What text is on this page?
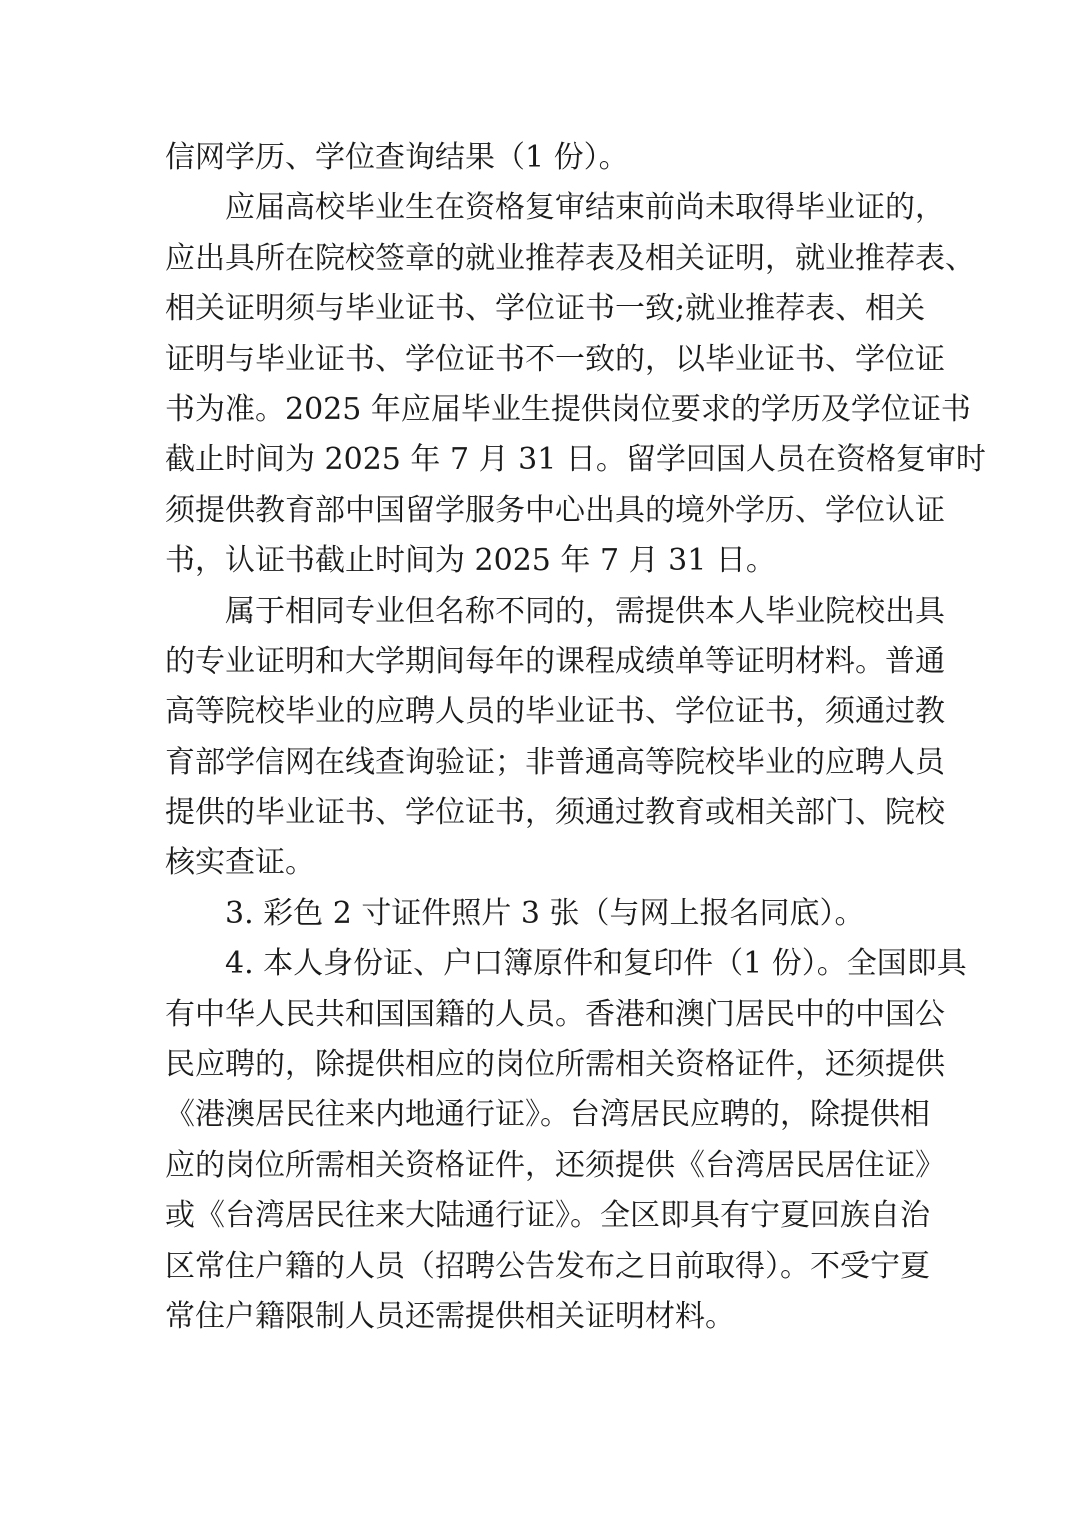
信网学历、学位查询结果（1 份）。
应届高校毕业生在资格复审结束前尚未取得毕业证的，
应出具所在院校签章的就业推荐表及相关证明，就业推荐表、
相关证明须与毕业证书、学位证书一致;就业推荐表、相关
证明与毕业证书、学位证书不一致的，以毕业证书、学位证
书为准。2025 年应届毕业生提供岗位要求的学历及学位证书
截止时间为 2025 年 7 月 31 日。留学回国人员在资格复审时
须提供教育部中国留学服务中心出具的境外学历、学位认证
书，认证书截止时间为 2025 年 7 月 31 日。
属于相同专业但名称不同的，需提供本人毕业院校出具
的专业证明和大学期间每年的课程成绩单等证明材料。普通
高等院校毕业的应聘人员的毕业证书、学位证书，须通过教
育部学信网在线查询验证；非普通高等院校毕业的应聘人员
提供的毕业证书、学位证书，须通过教育或相关部门、院校
核实查证。
3. 彩色 2 寸证件照片 3 张（与网上报名同底）。
4. 本人身份证、户口簿原件和复印件（1 份）。全国即具
有中华人民共和国国籍的人员。香港和澳门居民中的中国公
民应聘的，除提供相应的岗位所需相关资格证件，还须提供
《港澳居民往来内地通行证》。台湾居民应聘的，除提供相
应的岗位所需相关资格证件，还须提供《台湾居民居住证》
或《台湾居民往来大陆通行证》。全区即具有宁夏回族自治
区常住户籍的人员（招聘公告发布之日前取得）。不受宁夏
常住户籍限制人员还需提供相关证明材料。
